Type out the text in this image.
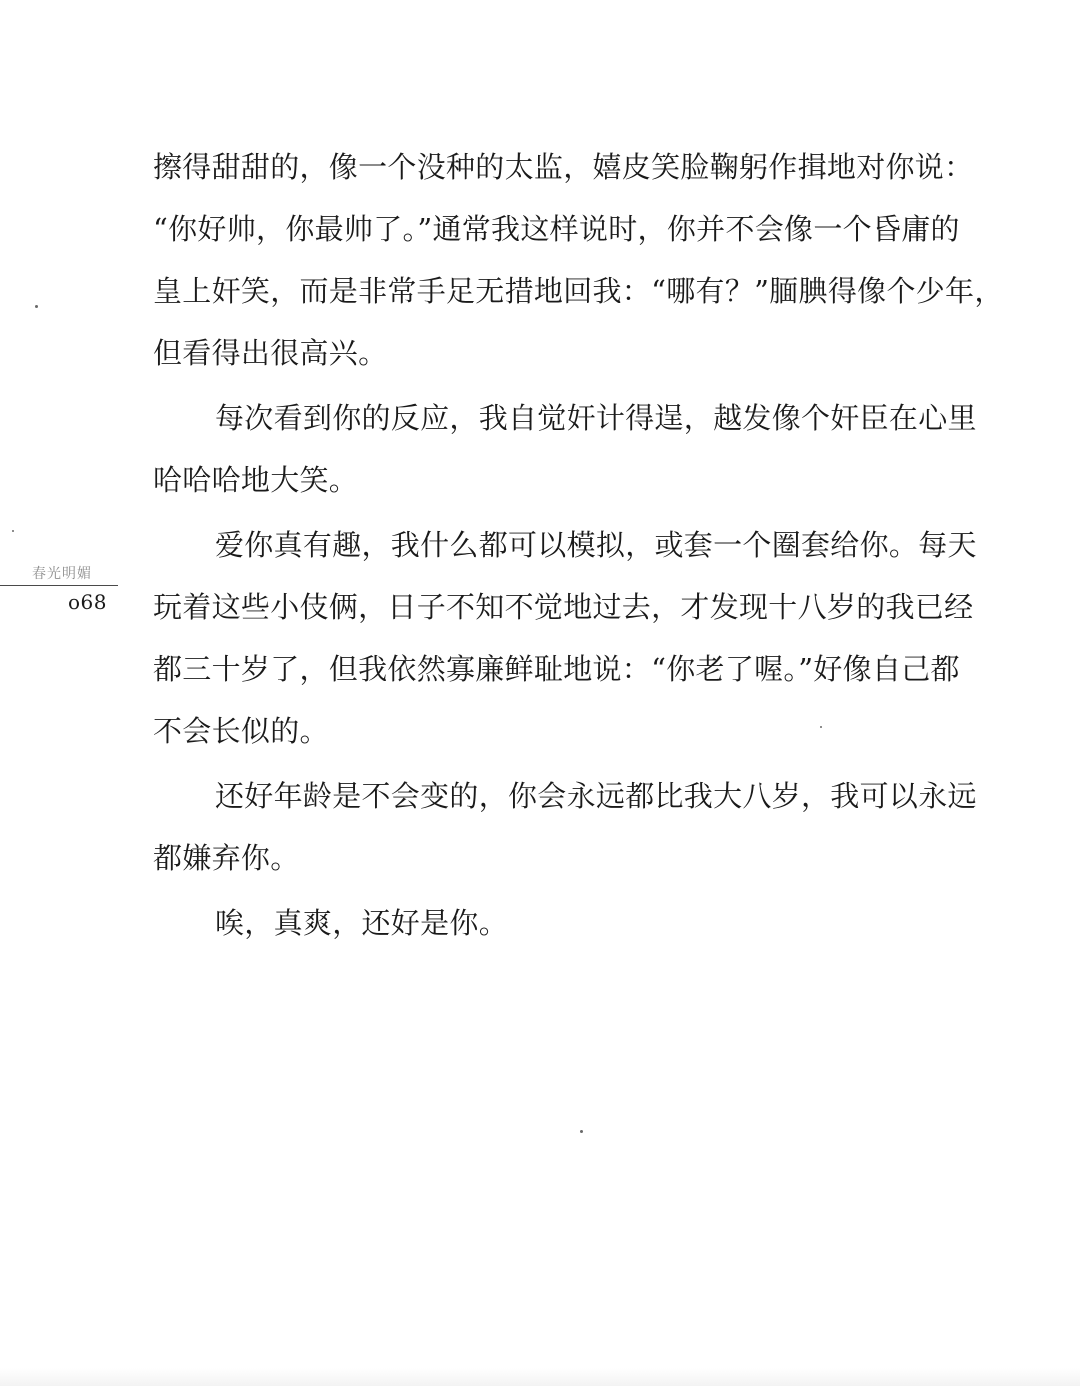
春光明媚
o68
擦得甜甜的，像一个没种的太监，嬉皮笑脸鞠躬作揖地对你说：
“你好帅，你最帅了。”通常我这样说时，你并不会像一个昏庸的
皇上奸笑，而是非常手足无措地回我：“哪有？”腼腆得像个少年，
但看得出很高兴。
每次看到你的反应，我自觉奸计得逞，越发像个奸臣在心里
哈哈哈地大笑。
爱你真有趣，我什么都可以模拟，或套一个圈套给你。每天
玩着这些小伎俩，日子不知不觉地过去，才发现十八岁的我已经
都三十岁了，但我依然寡廉鲜耻地说：“你老了喔。”好像自己都
不会长似的。
还好年龄是不会变的，你会永远都比我大八岁，我可以永远
都嫌弃你。
唉，真爽，还好是你。
